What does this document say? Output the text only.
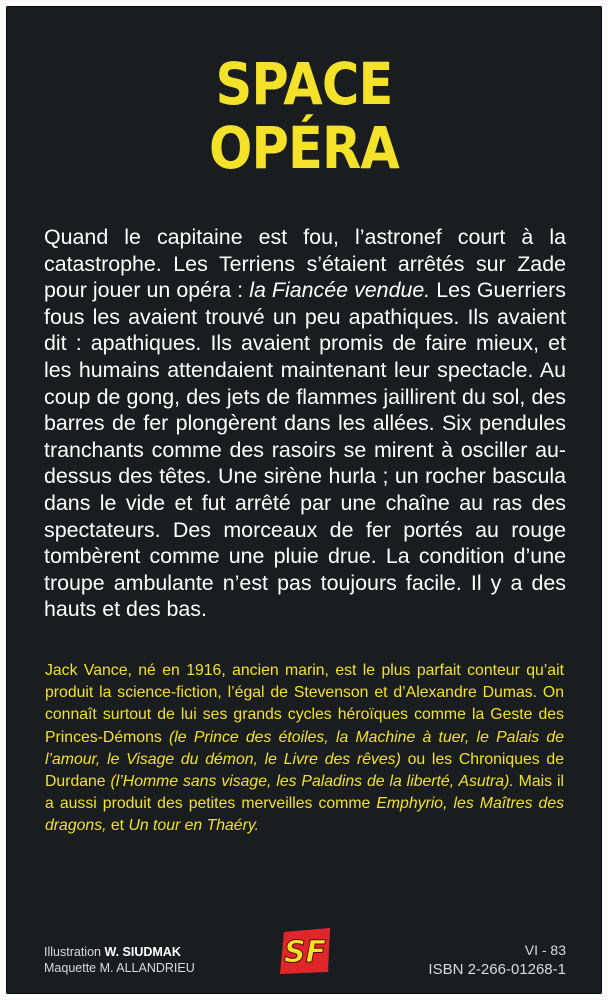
SPACE
OPÉRA

Quand le capitaine est fou, l’astronef court à la catastrophe. Les Terriens s’étaient arrêtés sur Zade pour jouer un opéra : la Fiancée vendue. Les Guerriers fous les avaient trouvé un peu apathiques. Ils avaient dit : apathiques. Ils avaient promis de faire mieux, et les humains attendaient maintenant leur spectacle. Au coup de gong, des jets de flammes jaillirent du sol, des barres de fer plongèrent dans les allées. Six pendules tranchants comme des rasoirs se mirent à osciller au-dessus des têtes. Une sirène hurla ; un rocher bascula dans le vide et fut arrêté par une chaîne au ras des spectateurs. Des morceaux de fer portés au rouge tombèrent comme une pluie drue. La condition d’une troupe ambulante n’est pas toujours facile. Il y a des hauts et des bas.

Jack Vance, né en 1916, ancien marin, est le plus parfait conteur qu’ait produit la science-fiction, l’égal de Stevenson et d’Alexandre Dumas. On connaît surtout de lui ses grands cycles héroïques comme la Geste des Princes-Démons (le Prince des étoiles, la Machine à tuer, le Palais de l’amour, le Visage du démon, le Livre des rêves) ou les Chroniques de Durdane (l’Homme sans visage, les Paladins de la liberté, Asutra). Mais il a aussi produit des petites merveilles comme Emphyrio, les Maîtres des dragons, et Un tour en Thaéry.

Illustration W. SIUDMAK
Maquette M. ALLANDRIEU	SF	VI - 83
ISBN 2-266-01268-1
